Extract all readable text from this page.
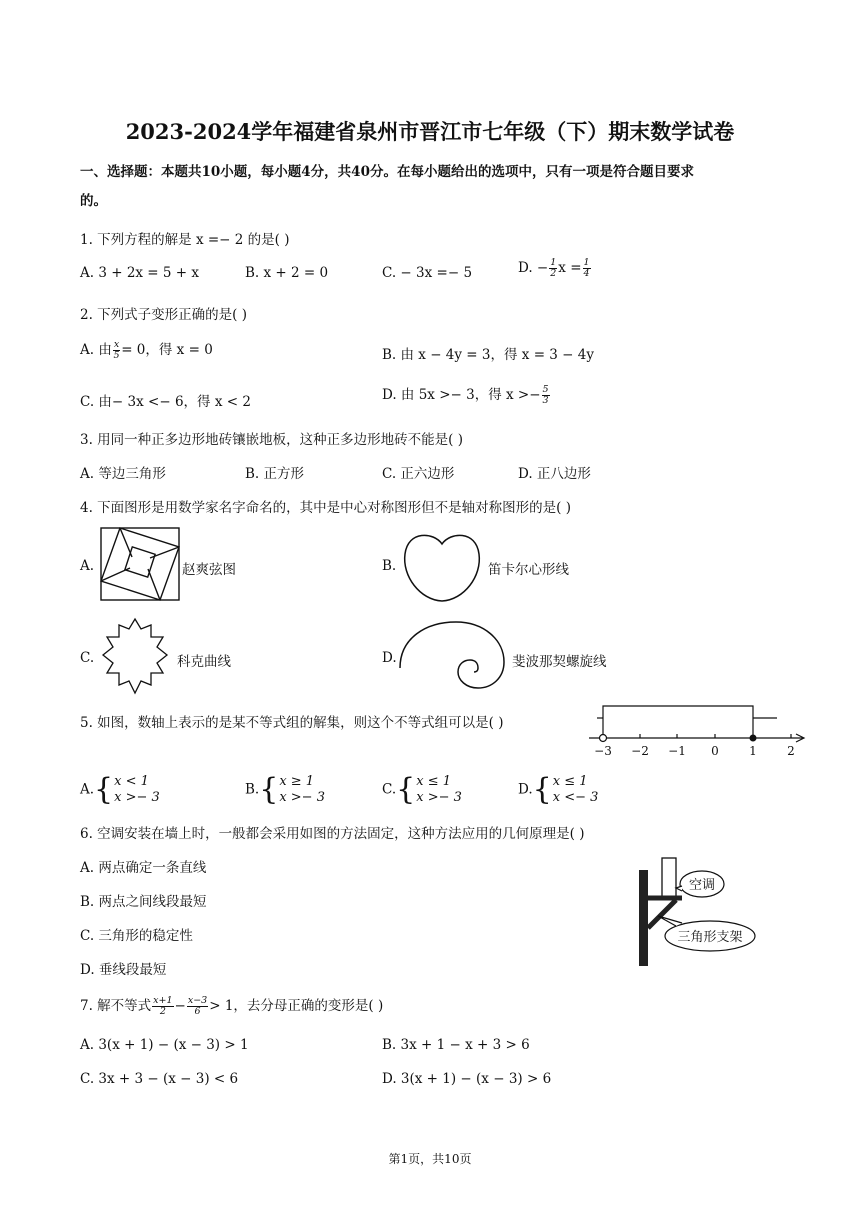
2023-2024学年福建省泉州市晋江市七年级（下）期末数学试卷
一、选择题：本题共10小题，每小题4分，共40分。在每小题给出的选项中，只有一项是符合题目要求
的。
1. 下列方程的解是 x =− 2 的是( )
A. 3 + 2x = 5 + x	B. x + 2 = 0	C. − 3x =− 5	D. − $\frac{1}{2}$ $x = \frac{1}{4}$
2. 下列式子变形正确的是( )
A. 由 $\frac{x}{5} = 0$，得 x = 0	B. 由 x − 4y = 3，得 x = 3 − 4y
C. 由− 3x <− 6，得 x < 2	D. 由 5x >− 3，得 $x >- \frac{5}{3}$
3. 用同一种正多边形地砖镶嵌地板，这种正多边形地砖不能是( )
A. 等边三角形	B. 正方形	C. 正六边形	D. 正八边形
4. 下面图形是用数学家名字命名的，其中是中心对称图形但不是轴对称图形的是( )
A.	赵爽弦图	B.	笛卡尔心形线
C.	科克曲线	D.	斐波那契螺旋线
5. 如图，数轴上表示的是某不等式组的解集，则这个不等式组可以是( )
−3 −2 −1 0	1	2
A. { x < 1
x >− 3	B. { x ≥ 1
x >− 3	C. { x ≤ 1
x >− 3	D. { x ≤ 1
x <− 3
6. 空调安装在墙上时，一般都会采用如图的方法固定，这种方法应用的几何原理是( )
A. 两点确定一条直线
B. 两点之间线段最短
C. 三角形的稳定性
D. 垂线段最短
空调
三角形支架
7. 解不等式 $\frac{x+1}{2} - \frac{x-3}{6} > 1$，去分母正确的变形是( )
A. 3(x + 1) − (x − 3) > 1	B. 3x + 1 − x + 3 > 6
C. 3x + 3 − (x − 3) < 6	D. 3(x + 1) − (x − 3) > 6
第1页，共10页
